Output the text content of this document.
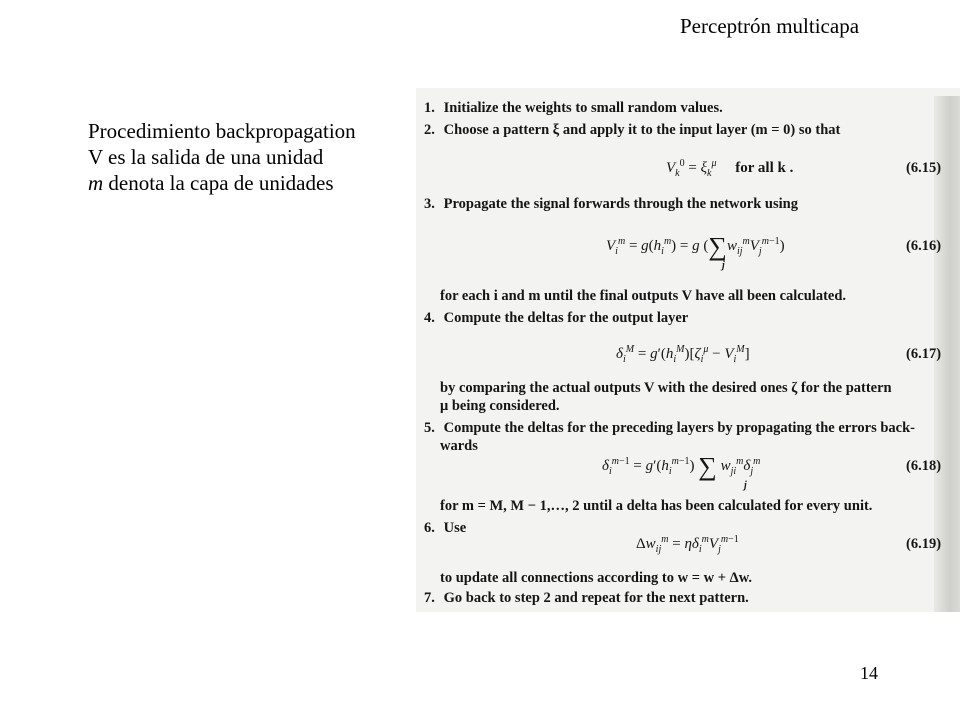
Perceptrón multicapa
Procedimiento backpropagation
V es la salida de una unidad
m denota la capa de unidades
1. Initialize the weights to small random values.
2. Choose a pattern ξ and apply it to the input layer (m = 0) so that
$V_k^0 = \xi_k^\mu$ for all k .	(6.15)
3. Propagate the signal forwards through the network using
$V_i^m = g(h_i^m) = g$ $(\sum w_{ij}^mV_j^{m-1})$
j
(6.16)
for each i and m until the final outputs V have all been calculated.
4. Compute the deltas for the output layer
$\delta_i^M = g'(h_i^M)[\zeta_i^\mu - V_i^M]$	(6.17)
by comparing the actual outputs V with the desired ones ζ for the pattern
μ being considered.
5. Compute the deltas for the preceding layers by propagating the errors back-
wards
$\delta_i^{m-1} = g'(h_i^{m-1})$ ∑ $w_{ji}^m\delta_j^m$
j
(6.18)
for m = M, M − 1,…, 2 until a delta has been calculated for every unit.
6. Use
$\Delta w_{ij}^m = \eta\delta_i^mV_j^{m-1}$	(6.19)
to update all connections according to w = w + Δw.
7. Go back to step 2 and repeat for the next pattern.
14
